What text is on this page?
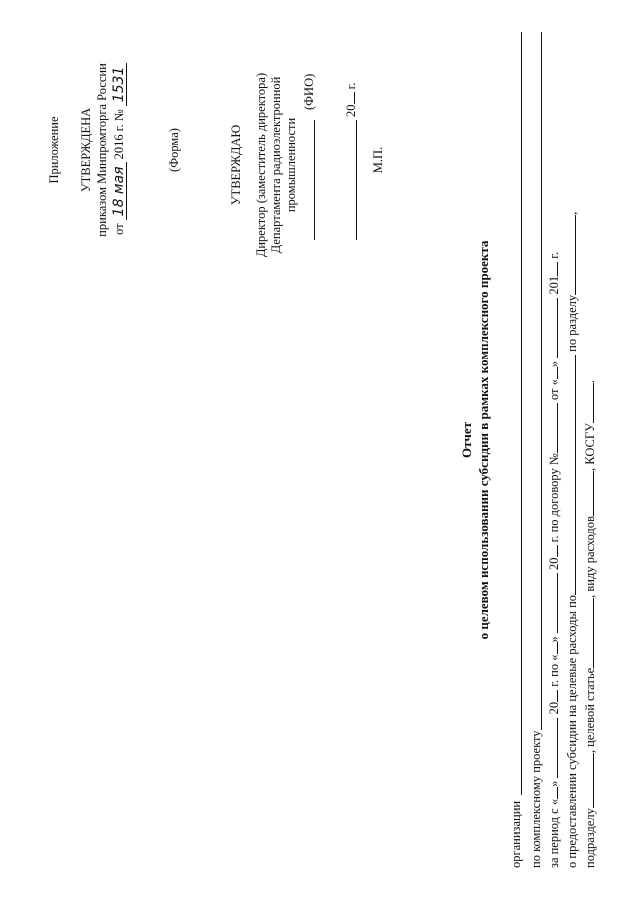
Приложение УТВЕРЖДЕНА приказом Минпромторга России от 18 мая 2016 г. № 1531
(Форма)	УТВЕРЖДАЮ Директор (заместитель директора) Департамента радиоэлектронной промышленности
(ФИО)
20 г.
М.П.
Отчет о целевом использовании субсидии в рамках комплексного проекта
организации по комплексному проекту за период с «»  20 г. по «»  20 г. по договору № от «»  201 г.
о предоставлении субсидии на целевые расходы по по разделу,
подразделу, целевой статье, виду расходов, КОСГУ.
